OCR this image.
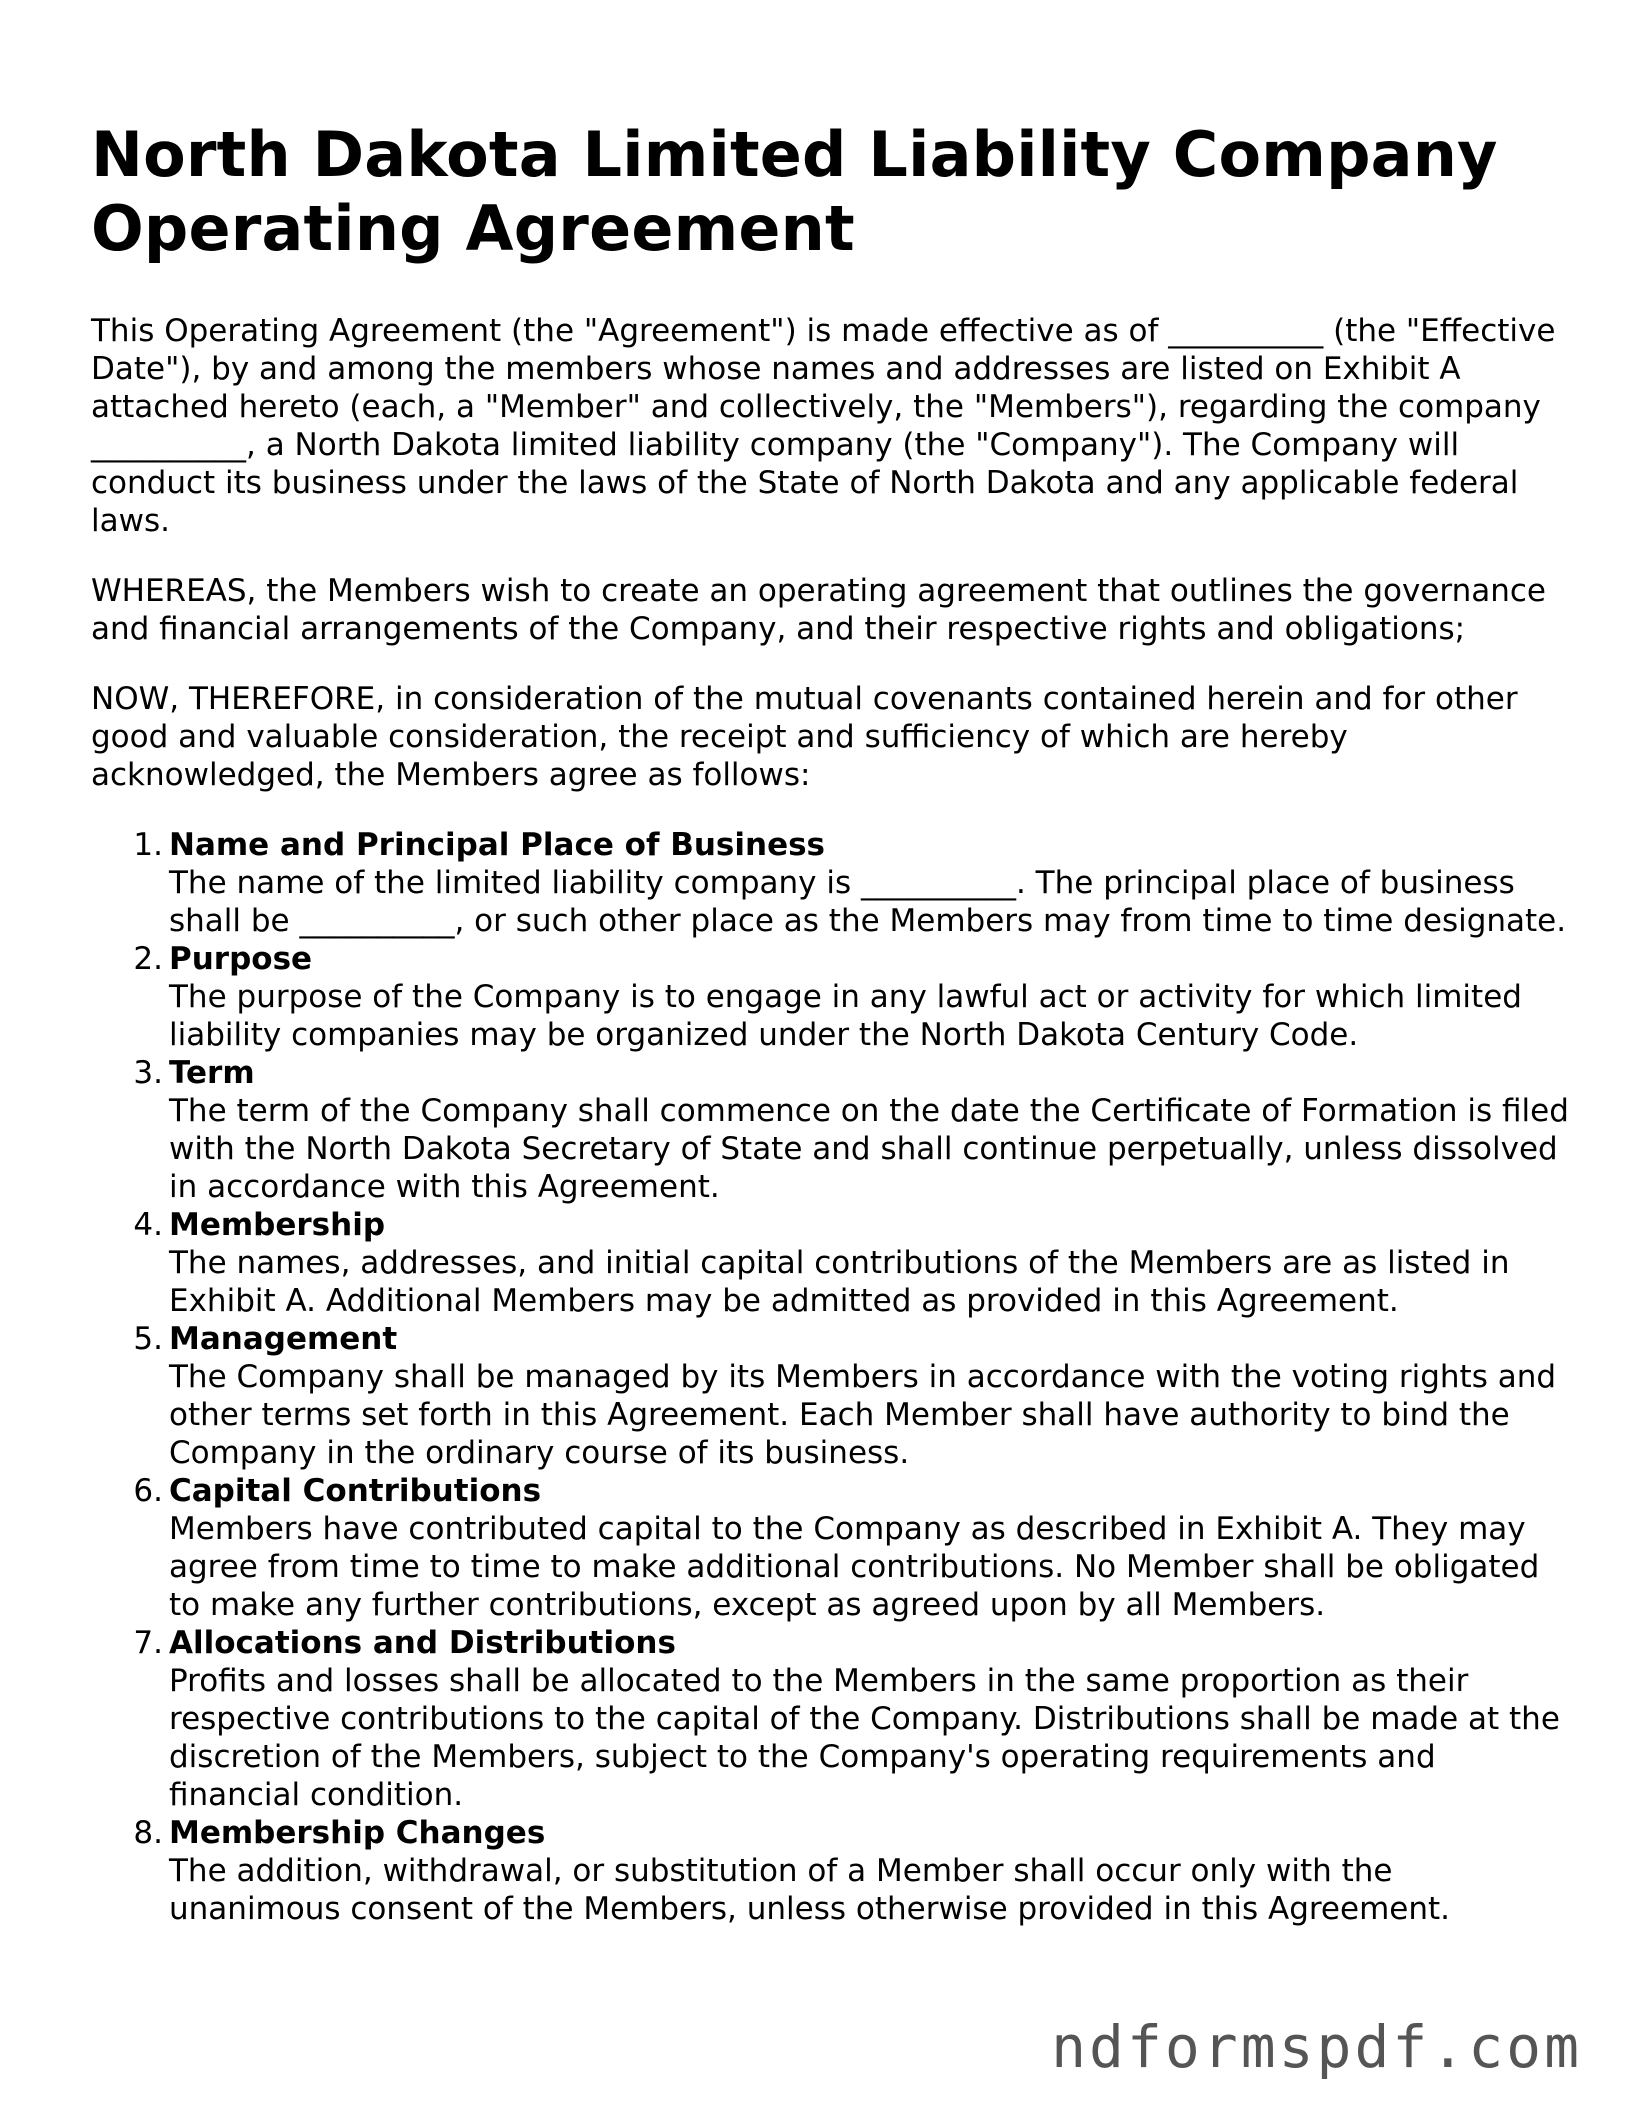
North Dakota Limited Liability Company Operating Agreement

This Operating Agreement (the "Agreement") is made effective as of __________ (the "Effective Date"), by and among the members whose names and addresses are listed on Exhibit A attached hereto (each, a "Member" and collectively, the "Members"), regarding the company __________, a North Dakota limited liability company (the "Company"). The Company will conduct its business under the laws of the State of North Dakota and any applicable federal laws.

WHEREAS, the Members wish to create an operating agreement that outlines the governance and financial arrangements of the Company, and their respective rights and obligations;

NOW, THEREFORE, in consideration of the mutual covenants contained herein and for other good and valuable consideration, the receipt and sufficiency of which are hereby acknowledged, the Members agree as follows:

1. Name and Principal Place of Business
The name of the limited liability company is __________. The principal place of business shall be __________, or such other place as the Members may from time to time designate.
2. Purpose
The purpose of the Company is to engage in any lawful act or activity for which limited liability companies may be organized under the North Dakota Century Code.
3. Term
The term of the Company shall commence on the date the Certificate of Formation is filed with the North Dakota Secretary of State and shall continue perpetually, unless dissolved in accordance with this Agreement.
4. Membership
The names, addresses, and initial capital contributions of the Members are as listed in Exhibit A. Additional Members may be admitted as provided in this Agreement.
5. Management
The Company shall be managed by its Members in accordance with the voting rights and other terms set forth in this Agreement. Each Member shall have authority to bind the Company in the ordinary course of its business.
6. Capital Contributions
Members have contributed capital to the Company as described in Exhibit A. They may agree from time to time to make additional contributions. No Member shall be obligated to make any further contributions, except as agreed upon by all Members.
7. Allocations and Distributions
Profits and losses shall be allocated to the Members in the same proportion as their respective contributions to the capital of the Company. Distributions shall be made at the discretion of the Members, subject to the Company's operating requirements and financial condition.
8. Membership Changes
The addition, withdrawal, or substitution of a Member shall occur only with the unanimous consent of the Members, unless otherwise provided in this Agreement.
ndformspdf.com
